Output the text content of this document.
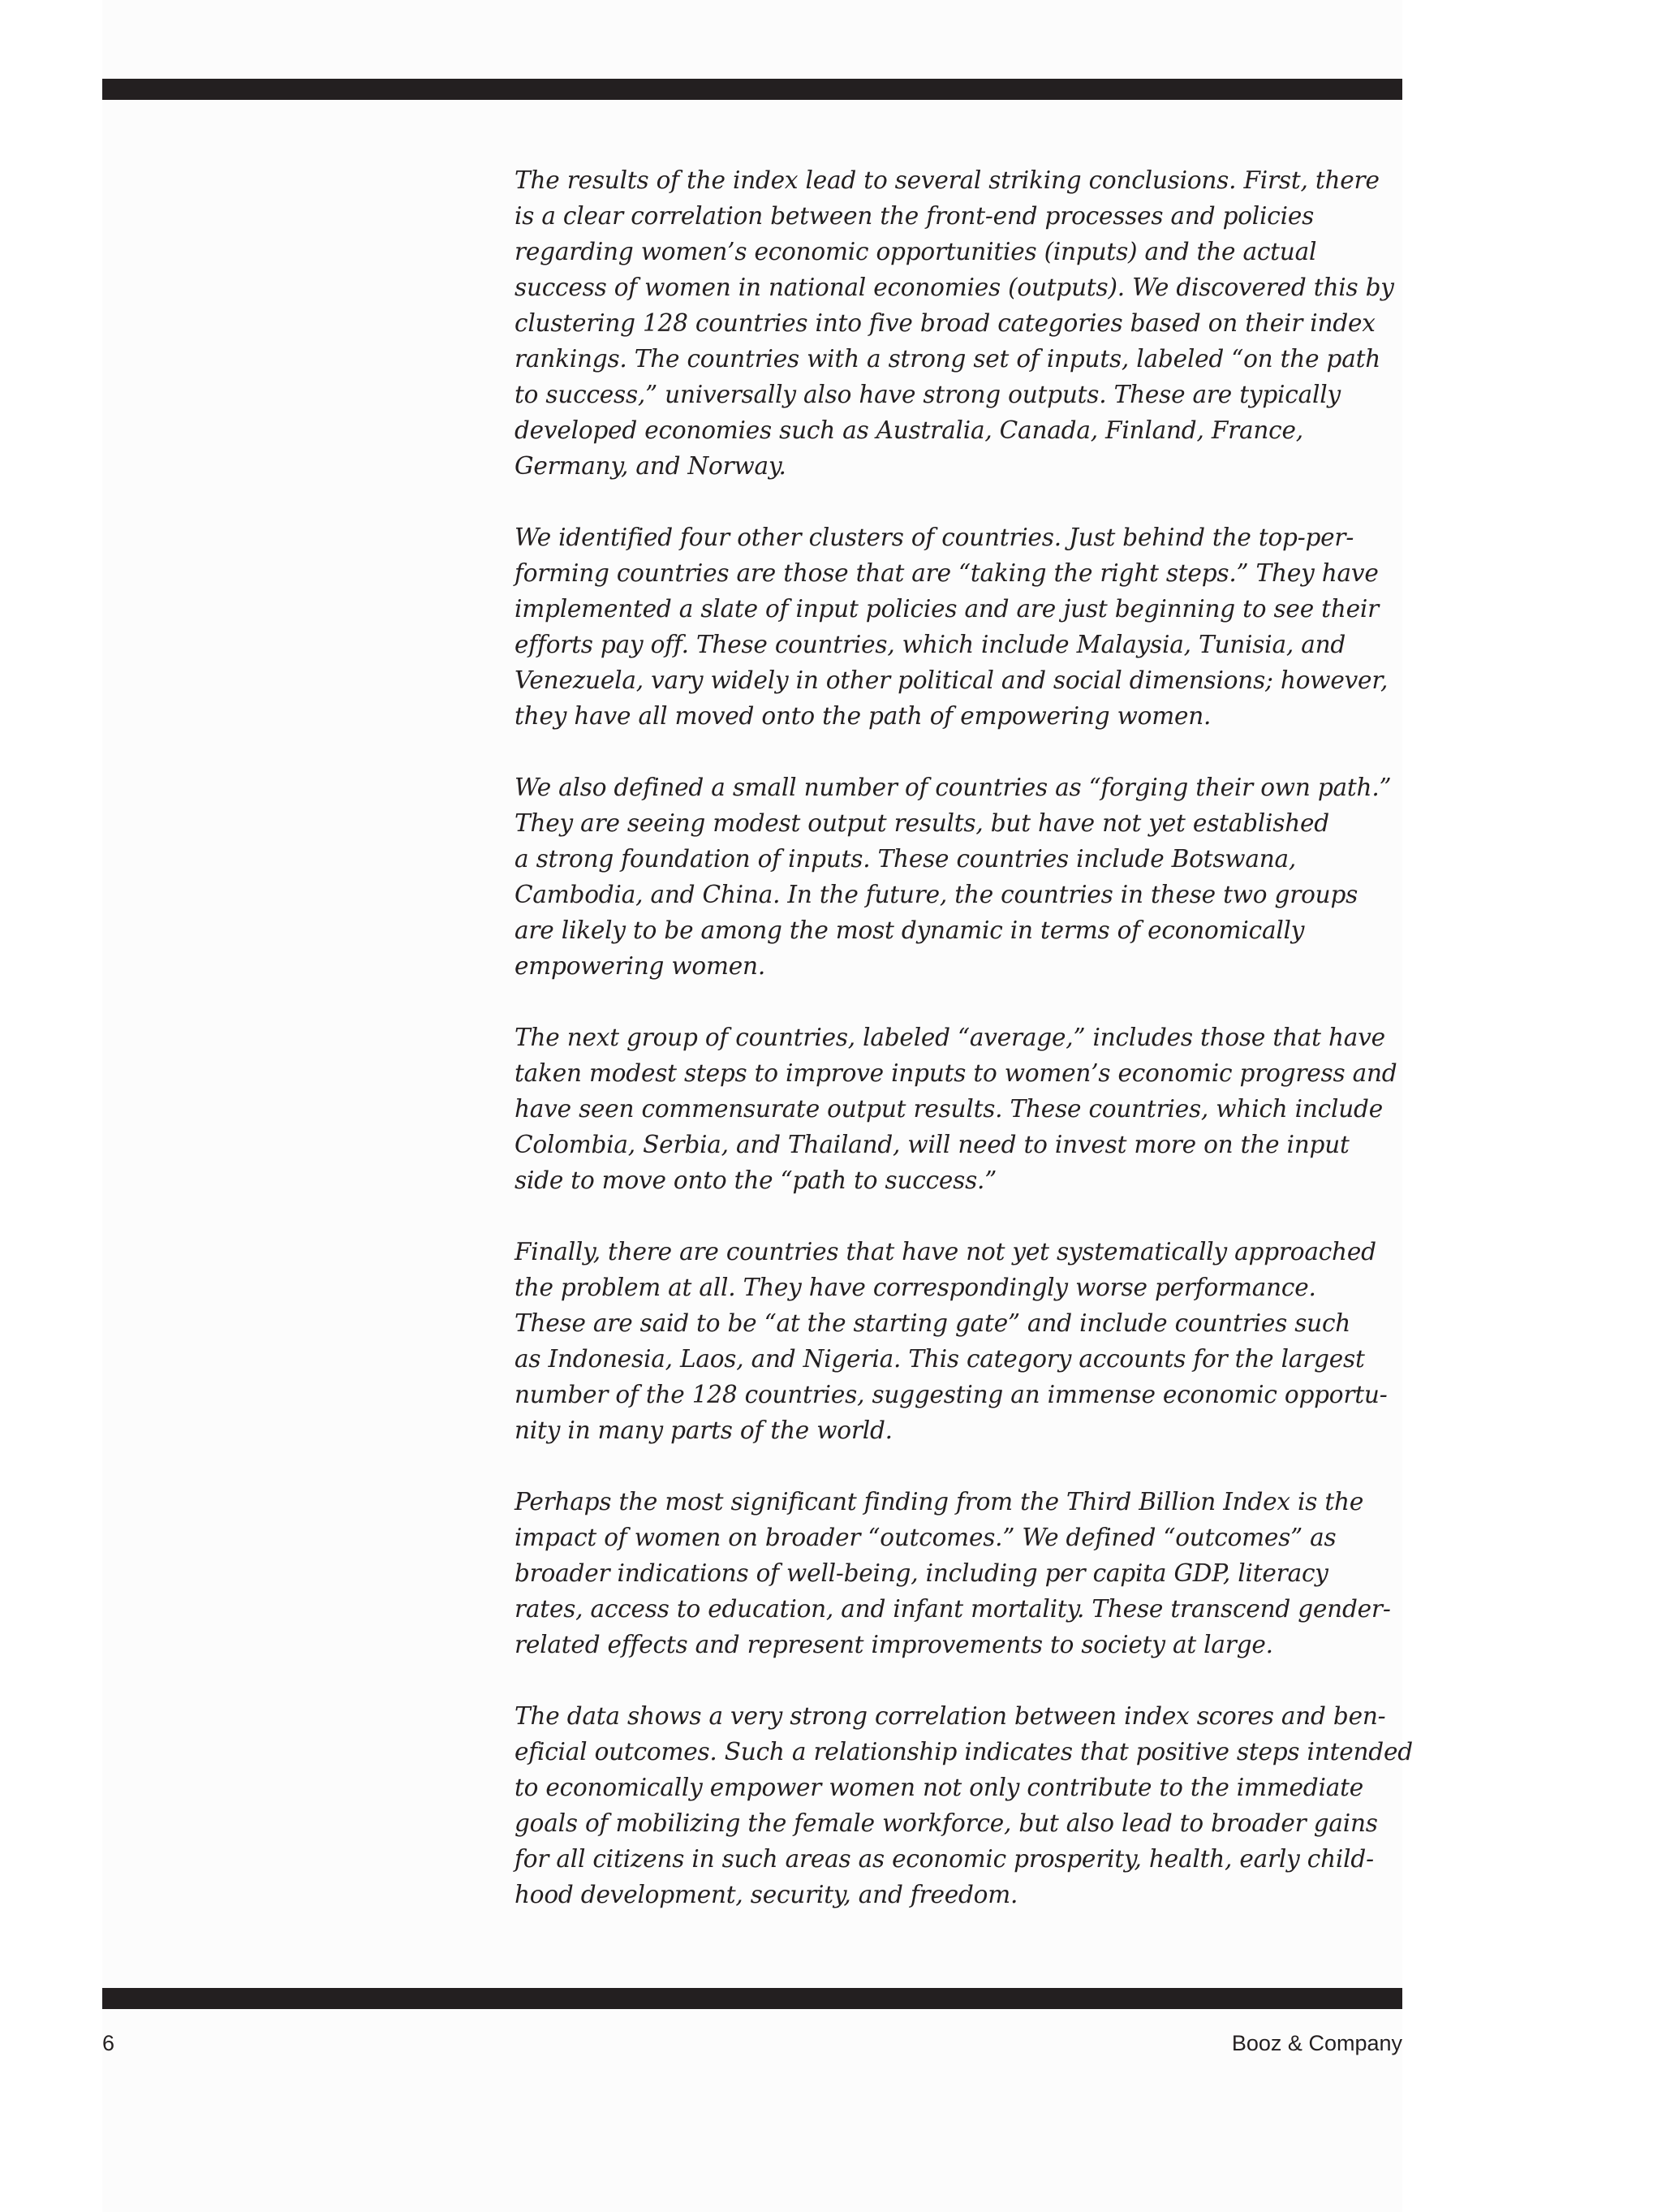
The results of the index lead to several striking conclusions. First, there
is a clear correlation between the front-end processes and policies
regarding women’s economic opportunities (inputs) and the actual
success of women in national economies (outputs). We discovered this by
clustering 128 countries into five broad categories based on their index
rankings. The countries with a strong set of inputs, labeled “on the path
to success,” universally also have strong outputs. These are typically
developed economies such as Australia, Canada, Finland, France,
Germany, and Norway.

We identified four other clusters of countries. Just behind the top-per-
forming countries are those that are “taking the right steps.” They have
implemented a slate of input policies and are just beginning to see their
efforts pay off. These countries, which include Malaysia, Tunisia, and
Venezuela, vary widely in other political and social dimensions; however,
they have all moved onto the path of empowering women.

We also defined a small number of countries as “forging their own path.”
They are seeing modest output results, but have not yet established
a strong foundation of inputs. These countries include Botswana,
Cambodia, and China. In the future, the countries in these two groups
are likely to be among the most dynamic in terms of economically
empowering women.

The next group of countries, labeled “average,” includes those that have
taken modest steps to improve inputs to women’s economic progress and
have seen commensurate output results. These countries, which include
Colombia, Serbia, and Thailand, will need to invest more on the input
side to move onto the “path to success.”

Finally, there are countries that have not yet systematically approached
the problem at all. They have correspondingly worse performance.
These are said to be “at the starting gate” and include countries such
as Indonesia, Laos, and Nigeria. This category accounts for the largest
number of the 128 countries, suggesting an immense economic opportu-
nity in many parts of the world.

Perhaps the most significant finding from the Third Billion Index is the
impact of women on broader “outcomes.” We defined “outcomes” as
broader indications of well-being, including per capita GDP, literacy
rates, access to education, and infant mortality. These transcend gender-
related effects and represent improvements to society at large.

The data shows a very strong correlation between index scores and ben-
eficial outcomes. Such a relationship indicates that positive steps intended
to economically empower women not only contribute to the immediate
goals of mobilizing the female workforce, but also lead to broader gains
for all citizens in such areas as economic prosperity, health, early child-
hood development, security, and freedom.

6	Booz & Company
